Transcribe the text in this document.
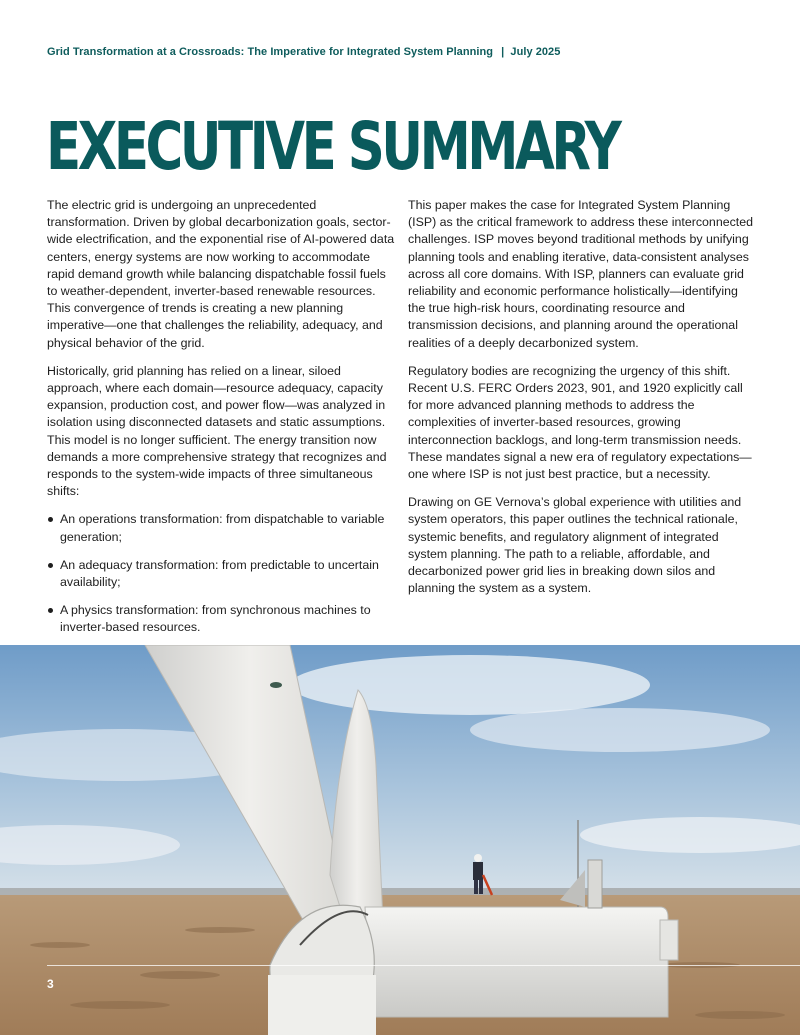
Grid Transformation at a Crossroads: The Imperative for Integrated System Planning | July 2025
EXECUTIVE SUMMARY

The electric grid is undergoing an unprecedented transformation. Driven by global decarbonization goals, sector-wide electrification, and the exponential rise of AI-powered data centers, energy systems are now working to accommodate rapid demand growth while balancing dispatchable fossil fuels to weather-dependent, inverter-based renewable resources. This convergence of trends is creating a new planning imperative—one that challenges the reliability, adequacy, and physical behavior of the grid.

Historically, grid planning has relied on a linear, siloed approach, where each domain—resource adequacy, capacity expansion, production cost, and power flow—was analyzed in isolation using disconnected datasets and static assumptions. This model is no longer sufficient. The energy transition now demands a more comprehensive strategy that recognizes and responds to the system-wide impacts of three simultaneous shifts:

An operations transformation: from dispatchable to variable generation;
An adequacy transformation: from predictable to uncertain availability;
A physics transformation: from synchronous machines to inverter-based resources.

This paper makes the case for Integrated System Planning (ISP) as the critical framework to address these interconnected challenges. ISP moves beyond traditional methods by unifying planning tools and enabling iterative, data-consistent analyses across all core domains. With ISP, planners can evaluate grid reliability and economic performance holistically—identifying the true high-risk hours, coordinating resource and transmission decisions, and planning around the operational realities of a deeply decarbonized system.

Regulatory bodies are recognizing the urgency of this shift. Recent U.S. FERC Orders 2023, 901, and 1920 explicitly call for more advanced planning methods to address the complexities of inverter-based resources, growing interconnection backlogs, and long-term transmission needs. These mandates signal a new era of regulatory expectations—one where ISP is not just best practice, but a necessity.

Drawing on GE Vernova’s global experience with utilities and system operators, this paper outlines the technical rationale, systemic benefits, and regulatory alignment of integrated system planning. The path to a reliable, affordable, and decarbonized power grid lies in breaking down silos and planning the system as a system.

3
